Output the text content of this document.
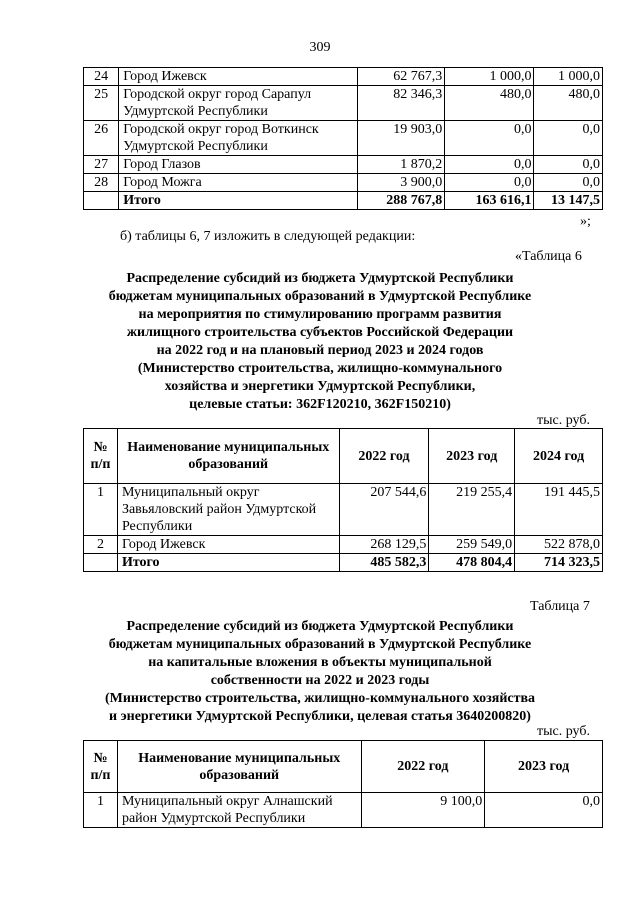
309
24	Город Ижевск	62 767,3	1 000,0	1 000,0
25	Городской округ город Сарапул Удмуртской Республики	82 346,3	480,0	480,0
26	Городской округ город Воткинск Удмуртской Республики	19 903,0	0,0	0,0
27	Город Глазов	1 870,2	0,0	0,0
28	Город Можга	3 900,0	0,0	0,0
	Итого	288 767,8	163 616,1	13 147,5
»;
б) таблицы 6, 7 изложить в следующей редакции:
«Таблица 6
Распределение субсидий из бюджета Удмуртской Республики
бюджетам муниципальных образований в Удмуртской Республике
на мероприятия по стимулированию программ развития
жилищного строительства субъектов Российской Федерации
на 2022 год и на плановый период 2023 и 2024 годов
(Министерство строительства, жилищно-коммунального
хозяйства и энергетики Удмуртской Республики,
целевые статьи: 362F120210, 362F150210)
тыс. руб.
№ п/п	Наименование муниципальных образований	2022 год	2023 год	2024 год
1	Муниципальный округ Завьяловский район Удмуртской Республики	207 544,6	219 255,4	191 445,5
2	Город Ижевск	268 129,5	259 549,0	522 878,0
	Итого	485 582,3	478 804,4	714 323,5
Таблица 7
Распределение субсидий из бюджета Удмуртской Республики
бюджетам муниципальных образований в Удмуртской Республике
на капитальные вложения в объекты муниципальной
собственности на 2022 и 2023 годы
(Министерство строительства, жилищно-коммунального хозяйства
и энергетики Удмуртской Республики, целевая статья 3640200820)
тыс. руб.
№ п/п	Наименование муниципальных образований	2022 год	2023 год
1	Муниципальный округ Алнашский район Удмуртской Республики	9 100,0	0,0
